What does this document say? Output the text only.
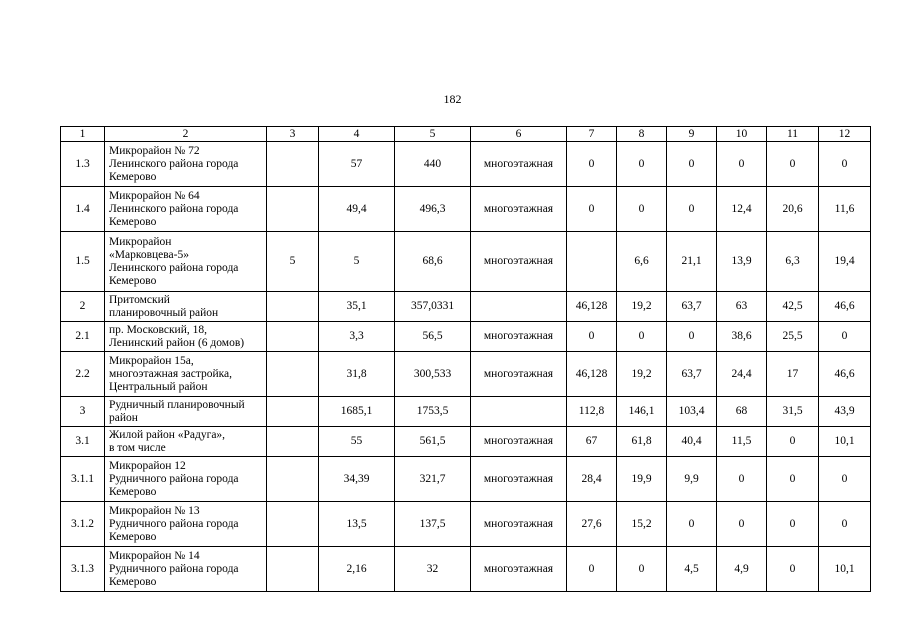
182
1	2	3	4	5	6	7	8	9	10	11	12
1.3	Микрорайон № 72
Ленинского района города
Кемерово		57	440	многоэтажная	0	0	0	0	0	0
1.4	Микрорайон № 64
Ленинского района города
Кемерово		49,4	496,3	многоэтажная	0	0	0	12,4	20,6	11,6
1.5	Микрорайон
«Марковцева-5»
Ленинского района города
Кемерово	5	5	68,6	многоэтажная		6,6	21,1	13,9	6,3	19,4
2	Притомский
планировочный район		35,1	357,0331		46,128	19,2	63,7	63	42,5	46,6
2.1	пр. Московский, 18,
Ленинский район (6 домов)		3,3	56,5	многоэтажная	0	0	0	38,6	25,5	0
2.2	Микрорайон 15а,
многоэтажная застройка,
Центральный район		31,8	300,533	многоэтажная	46,128	19,2	63,7	24,4	17	46,6
3	Рудничный планировочный
район		1685,1	1753,5		112,8	146,1	103,4	68	31,5	43,9
3.1	Жилой район «Радуга»,
в том числе		55	561,5	многоэтажная	67	61,8	40,4	11,5	0	10,1
3.1.1	Микрорайон 12
Рудничного района города
Кемерово		34,39	321,7	многоэтажная	28,4	19,9	9,9	0	0	0
3.1.2	Микрорайон № 13
Рудничного района города
Кемерово		13,5	137,5	многоэтажная	27,6	15,2	0	0	0	0
3.1.3	Микрорайон № 14
Рудничного района города
Кемерово		2,16	32	многоэтажная	0	0	4,5	4,9	0	10,1
